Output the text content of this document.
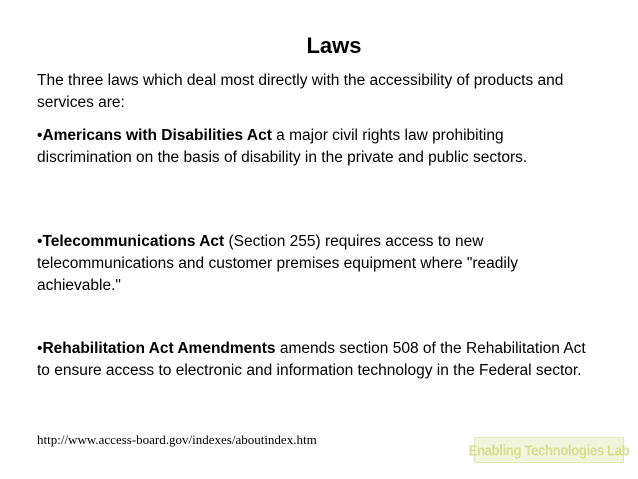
Laws
The three laws which deal most directly with the accessibility of products and services are:
•Americans with Disabilities Act a major civil rights law prohibiting discrimination on the basis of disability in the private and public sectors.
•Telecommunications Act (Section 255) requires access to new telecommunications and customer premises equipment where "readily achievable."
•Rehabilitation Act Amendments amends section 508 of the Rehabilitation Act to ensure access to electronic and information technology in the Federal sector.
http://www.access-board.gov/indexes/aboutindex.htm
Enabling Technologies Lab
